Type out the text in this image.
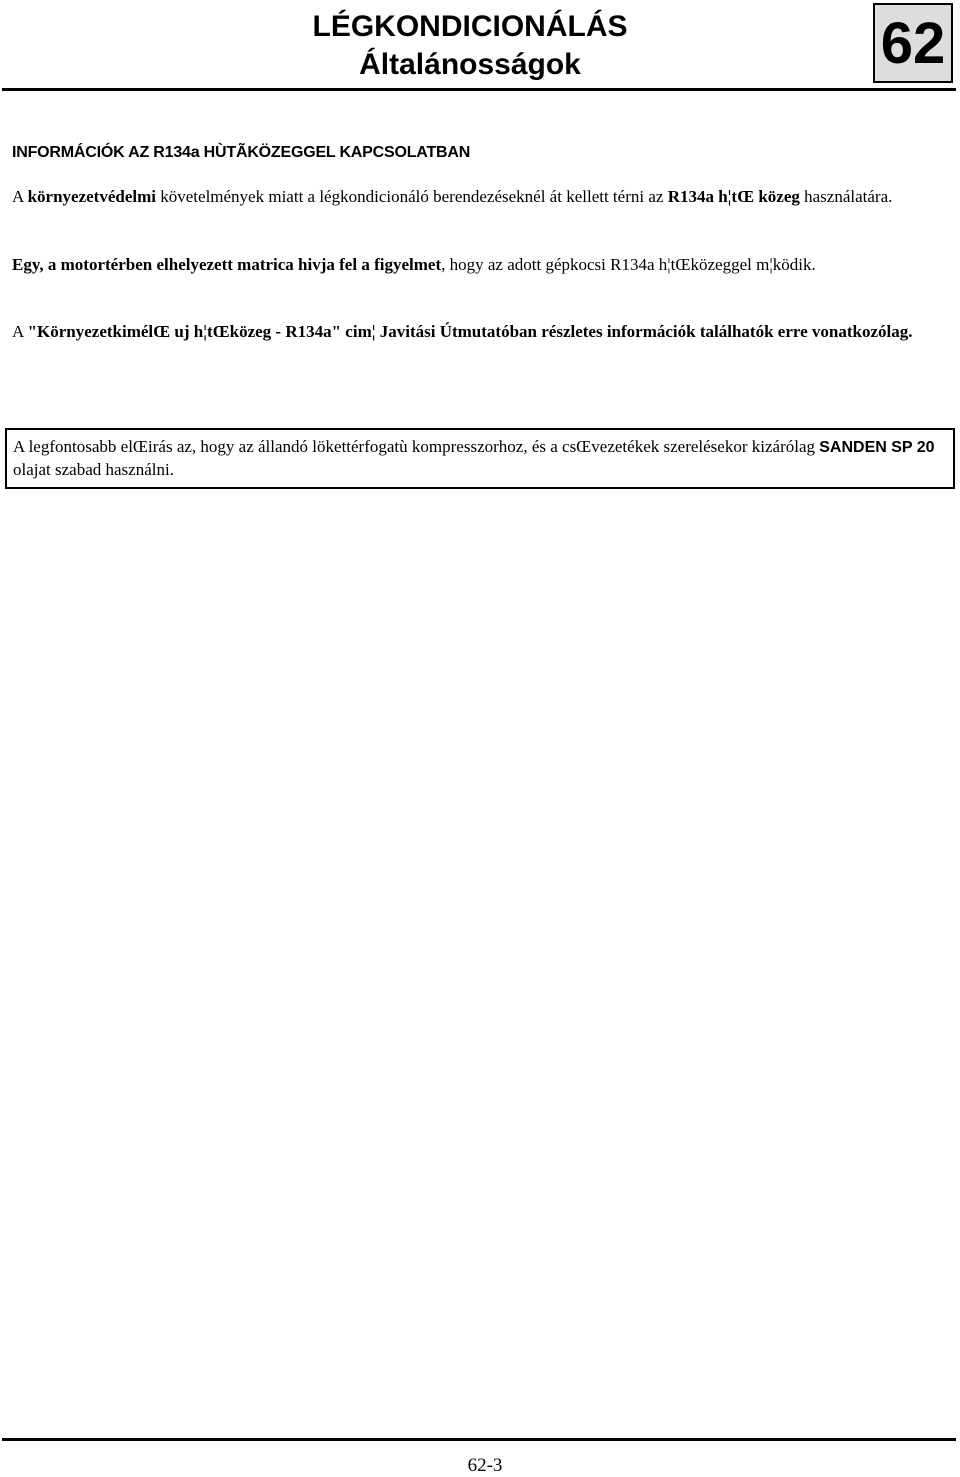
LÉGKONDICIONÁLÁS
Általánosságok	62
INFORMÁCIÓK AZ R134a HÙTÃKÖZEGGEL KAPCSOLATBAN
A környezetvédelmi követelmények miatt a légkondicionáló berendezéseknél át kellett térni az R134a h¦tŒ közeg használatára.
Egy, a motortérben elhelyezett matrica hivja fel a figyelmet, hogy az adott gépkocsi R134a h¦tŒközeggel m¦ködik.
A "KörnyezetkimélŒ uj h¦tŒközeg - R134a" cim¦ Javitási Útmutatóban részletes információk találhatók erre vonatkozólag.
A legfontosabb elŒirás az, hogy az állandó lökettérfogatù kompresszorhoz, és a csŒvezetékek szerelésekor kizárólag SANDEN SP 20 olajat szabad használni.
62-3
